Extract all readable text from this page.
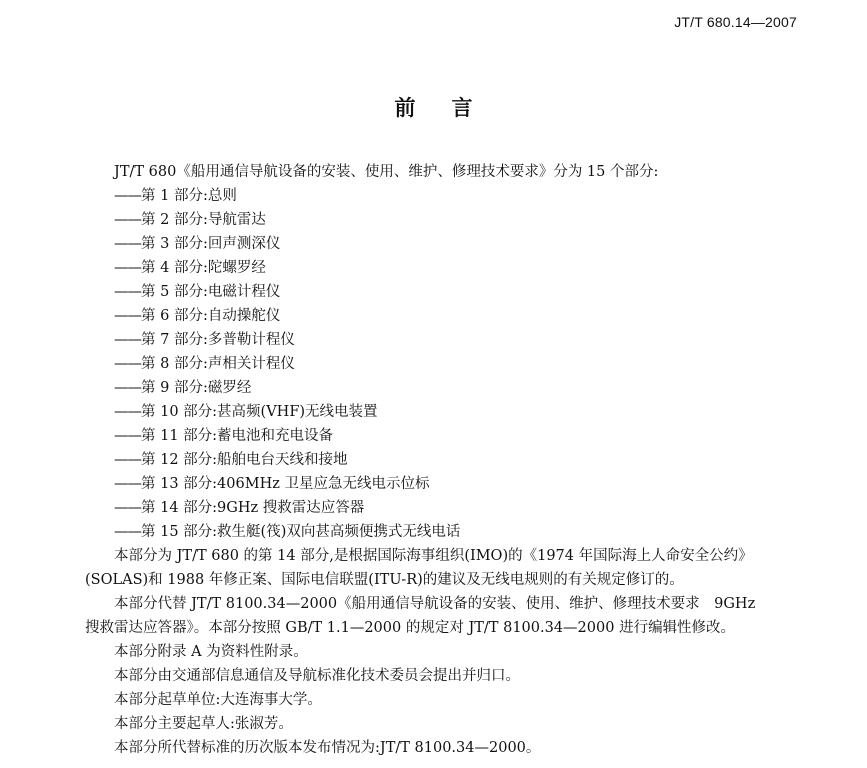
JT/T 680.14—2007
前 言
JT/T 680《船用通信导航设备的安装、使用、维护、修理技术要求》分为 15 个部分:
——第 1 部分:总则
——第 2 部分:导航雷达
——第 3 部分:回声测深仪
——第 4 部分:陀螺罗经
——第 5 部分:电磁计程仪
——第 6 部分:自动操舵仪
——第 7 部分:多普勒计程仪
——第 8 部分:声相关计程仪
——第 9 部分:磁罗经
——第 10 部分:甚高频(VHF)无线电装置
——第 11 部分:蓄电池和充电设备
——第 12 部分:船舶电台天线和接地
——第 13 部分:406MHz 卫星应急无线电示位标
——第 14 部分:9GHz 搜救雷达应答器
——第 15 部分:救生艇(筏)双向甚高频便携式无线电话
本部分为 JT/T 680 的第 14 部分,是根据国际海事组织(IMO)的《1974 年国际海上人命安全公约》
(SOLAS)和 1988 年修正案、国际电信联盟(ITU-R)的建议及无线电规则的有关规定修订的。
本部分代替 JT/T 8100.34—2000《船用通信导航设备的安装、使用、维护、修理技术要求　9GHz
搜救雷达应答器》。本部分按照 GB/T 1.1—2000 的规定对 JT/T 8100.34—2000 进行编辑性修改。
本部分附录 A 为资料性附录。
本部分由交通部信息通信及导航标准化技术委员会提出并归口。
本部分起草单位:大连海事大学。
本部分主要起草人:张淑芳。
本部分所代替标准的历次版本发布情况为:JT/T 8100.34—2000。
